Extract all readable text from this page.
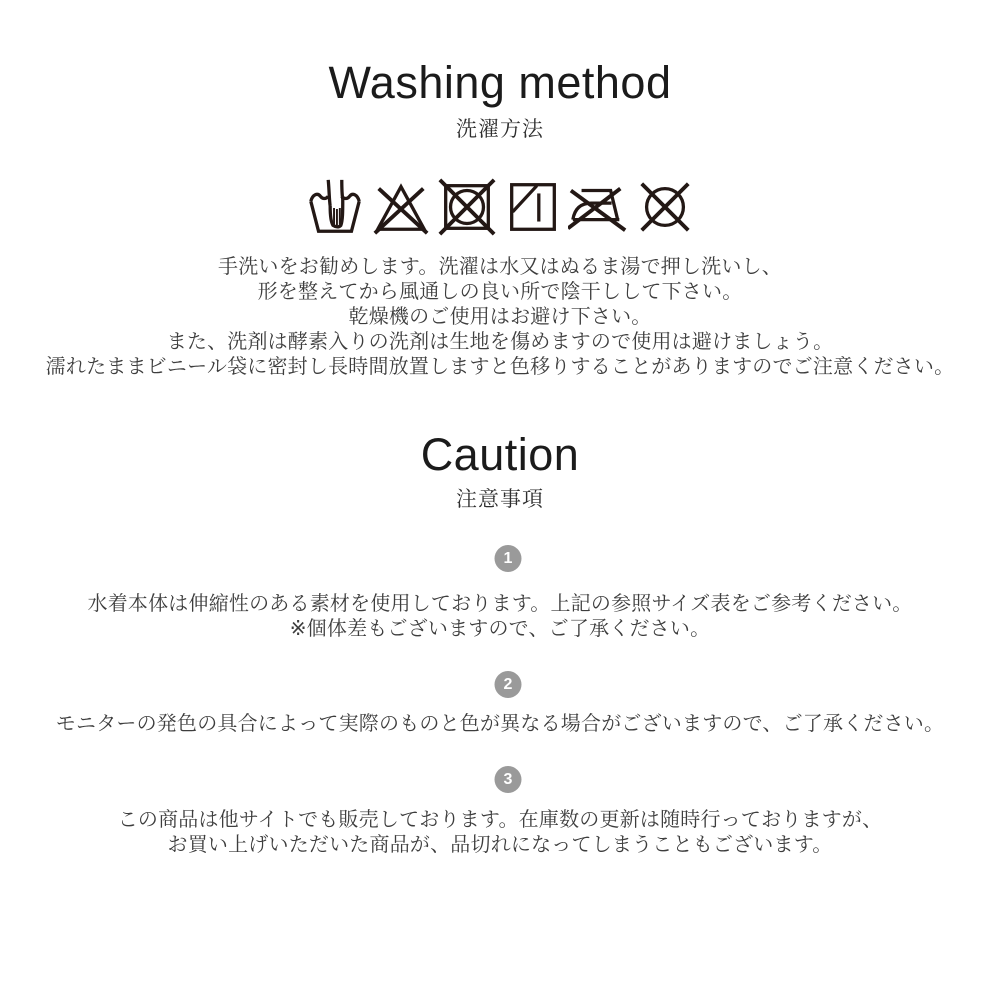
Washing method
洗濯方法
手洗いをお勧めします。洗濯は水又はぬるま湯で押し洗いし、
形を整えてから風通しの良い所で陰干しして下さい。
乾燥機のご使用はお避け下さい。
また、洗剤は酵素入りの洗剤は生地を傷めますので使用は避けましょう。
濡れたままビニール袋に密封し長時間放置しますと色移りすることがありますのでご注意ください。
Caution
注意事項
1
水着本体は伸縮性のある素材を使用しております。上記の参照サイズ表をご参考ください。
※個体差もございますので、ご了承ください。
2
モニターの発色の具合によって実際のものと色が異なる場合がございますので、ご了承ください。
3
この商品は他サイトでも販売しております。在庫数の更新は随時行っておりますが、
お買い上げいただいた商品が、品切れになってしまうこともございます。
